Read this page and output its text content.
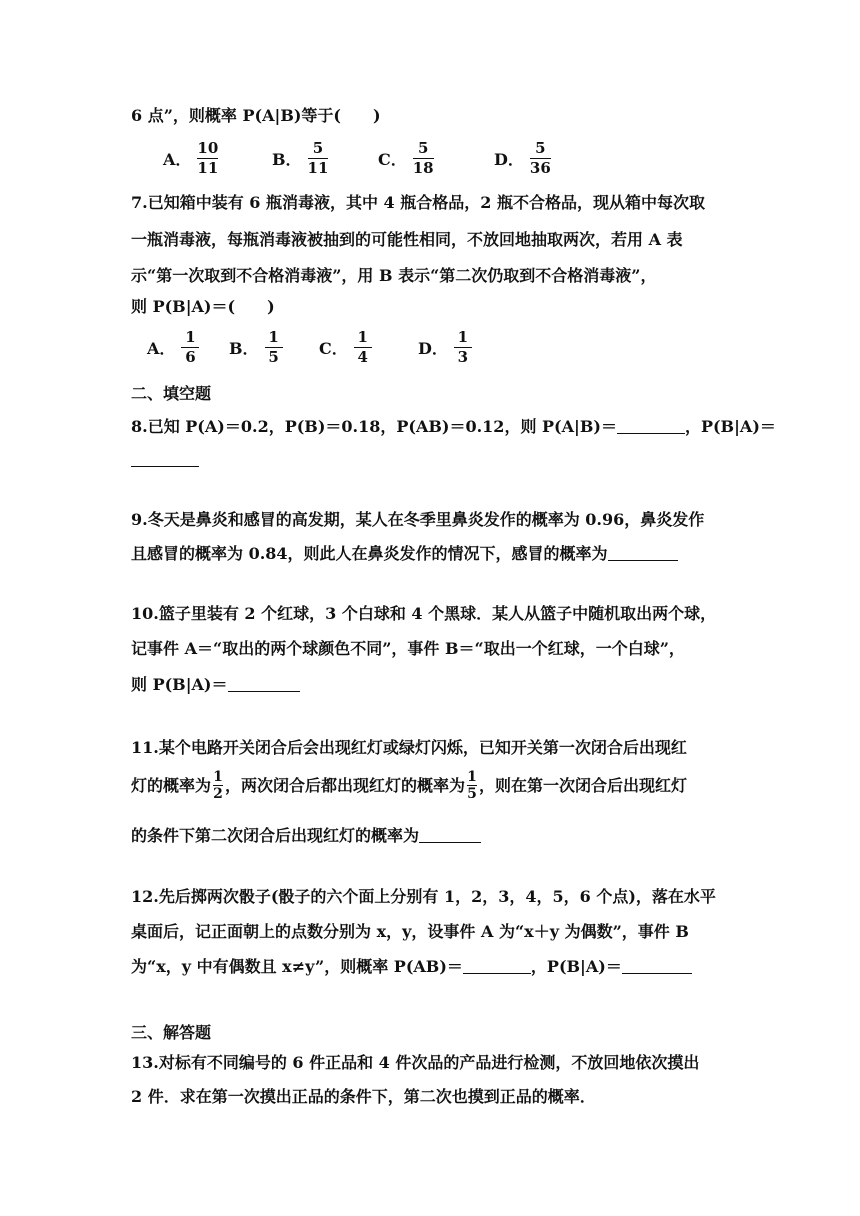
6 点”，则概率 P(A|B)等于(　　)
A． $\frac{10}{11}$	B． $\frac{5}{11}$	C． $\frac{5}{18}$	D． $\frac{5}{36}$
7.已知箱中装有 6 瓶消毒液，其中 4 瓶合格品，2 瓶不合格品，现从箱中每次取
一瓶消毒液，每瓶消毒液被抽到的可能性相同，不放回地抽取两次，若用 A 表
示“第一次取到不合格消毒液”，用 B 表示“第二次仍取到不合格消毒液”，
则 P(B|A)＝(　　)
A． $\frac{1}{6}$ B． $\frac{1}{5}$ C． $\frac{1}{4}$	D． $\frac{1}{3}$
二、填空题
8.已知 P(A)＝0.2，P(B)＝0.18，P(AB)＝0.12，则 P(A|B)＝	，P(B|A)＝
9.冬天是鼻炎和感冒的高发期，某人在冬季里鼻炎发作的概率为 0.96，鼻炎发作
且感冒的概率为 0.84，则此人在鼻炎发作的情况下，感冒的概率为
10.篮子里装有 2 个红球，3 个白球和 4 个黑球．某人从篮子中随机取出两个球，
记事件 A＝“取出的两个球颜色不同”，事件 B＝“取出一个红球，一个白球”，
则 P(B|A)＝
11.某个电路开关闭合后会出现红灯或绿灯闪烁，已知开关第一次闭合后出现红
灯的概率为 $\frac{1}{2}$ ，两次闭合后都出现红灯的概率为 $\frac{1}{5}$ ，则在第一次闭合后出现红灯
的条件下第二次闭合后出现红灯的概率为
12.先后掷两次骰子(骰子的六个面上分别有 1，2，3，4，5，6 个点)，落在水平
桌面后，记正面朝上的点数分别为 x，y，设事件 A 为“x＋y 为偶数”，事件 B
为“x，y 中有偶数且 x≠y”，则概率 P(AB)＝	，P(B|A)＝
三、解答题
13.对标有不同编号的 6 件正品和 4 件次品的产品进行检测，不放回地依次摸出
2 件．求在第一次摸出正品的条件下，第二次也摸到正品的概率．
